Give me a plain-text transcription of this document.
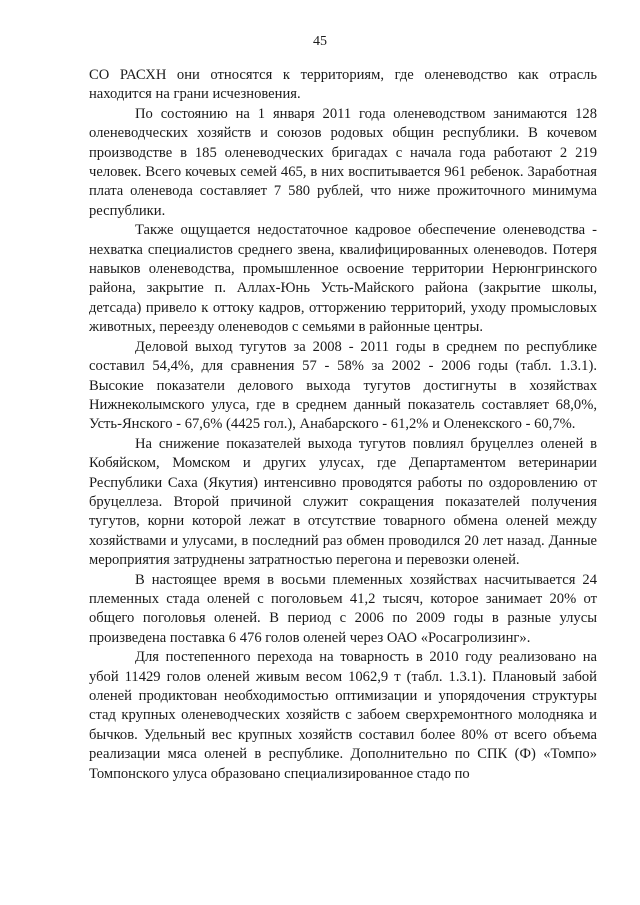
45

СО РАСХН они относятся к территориям, где оленеводство как отрасль находится на грани исчезновения.

По состоянию на 1 января 2011 года оленеводством занимаются 128 оленеводческих хозяйств и союзов родовых общин республики. В кочевом производстве в 185 оленеводческих бригадах с начала года работают 2 219 человек. Всего кочевых семей 465, в них воспитывается 961 ребенок. Заработная плата оленевода составляет 7 580 рублей, что ниже прожиточного минимума республики.

Также ощущается недостаточное кадровое обеспечение оленеводства - нехватка специалистов среднего звена, квалифицированных оленеводов. Потеря навыков оленеводства, промышленное освоение территории Нерюнгринского района, закрытие п. Аллах-Юнь Усть-Майского района (закрытие школы, детсада) привело к оттоку кадров, отторжению территорий, уходу промысловых животных, переезду оленеводов с семьями в районные центры.

Деловой выход тугутов за 2008 - 2011 годы в среднем по республике составил 54,4%, для сравнения 57 - 58% за 2002 - 2006 годы (табл. 1.3.1). Высокие показатели делового выхода тугутов достигнуты в хозяйствах Нижнеколымского улуса, где в среднем данный показатель составляет 68,0%, Усть-Янского - 67,6% (4425 гол.), Анабарского - 61,2% и Оленекского - 60,7%.

На снижение показателей выхода тугутов повлиял бруцеллез оленей в Кобяйском, Момском и других улусах, где Департаментом ветеринарии Республики Саха (Якутия) интенсивно проводятся работы по оздоровлению от бруцеллеза. Второй причиной служит сокращения показателей получения тугутов, корни которой лежат в отсутствие товарного обмена оленей между хозяйствами и улусами, в последний раз обмен проводился 20 лет назад. Данные мероприятия затруднены затратностью перегона и перевозки оленей.

В настоящее время в восьми племенных хозяйствах насчитывается 24 племенных стада оленей с поголовьем 41,2 тысяч, которое занимает 20% от общего поголовья оленей. В период с 2006 по 2009 годы в разные улусы произведена поставка 6 476 голов оленей через ОАО «Росагролизинг».

Для постепенного перехода на товарность в 2010 году реализовано на убой 11429 голов оленей живым весом 1062,9 т (табл. 1.3.1). Плановый забой оленей продиктован необходимостью оптимизации и упорядочения структуры стад крупных оленеводческих хозяйств с забоем сверхремонтного молодняка и бычков. Удельный вес крупных хозяйств составил более 80% от всего объема реализации мяса оленей в республике. Дополнительно по СПК (Ф) «Томпо» Томпонского улуса образовано специализированное стадо по
